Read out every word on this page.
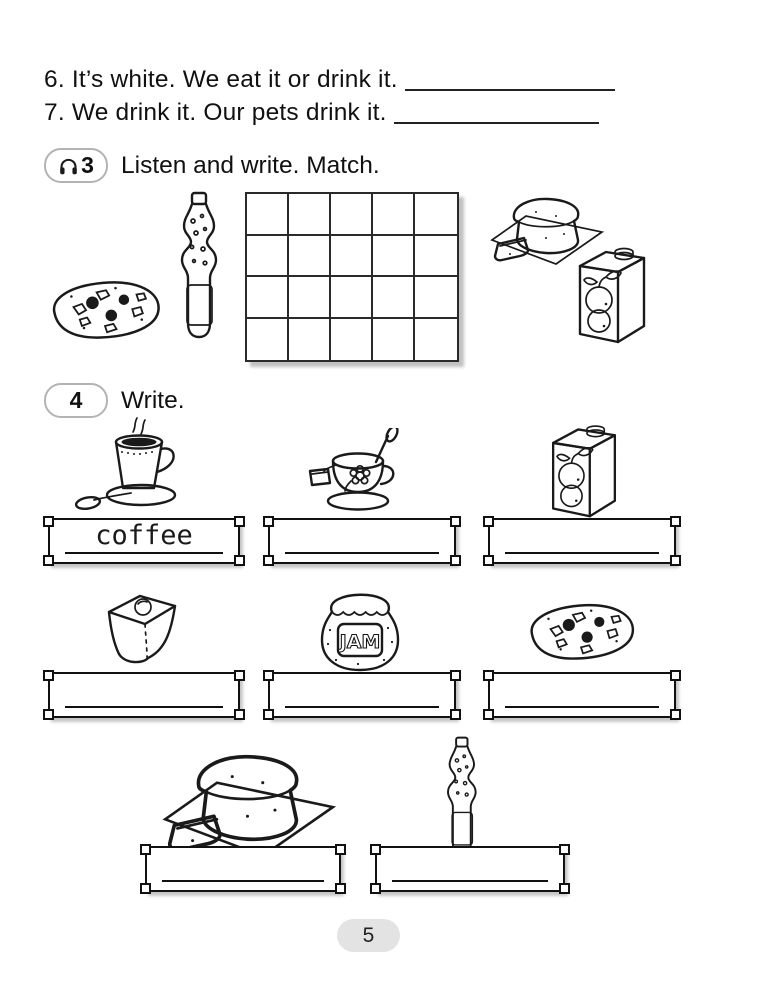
6. It’s white. We eat it or drink it.
7. We drink it. Our pets drink it.
3 Listen and write. Match.
4 Write.
coffee
JAM
5
